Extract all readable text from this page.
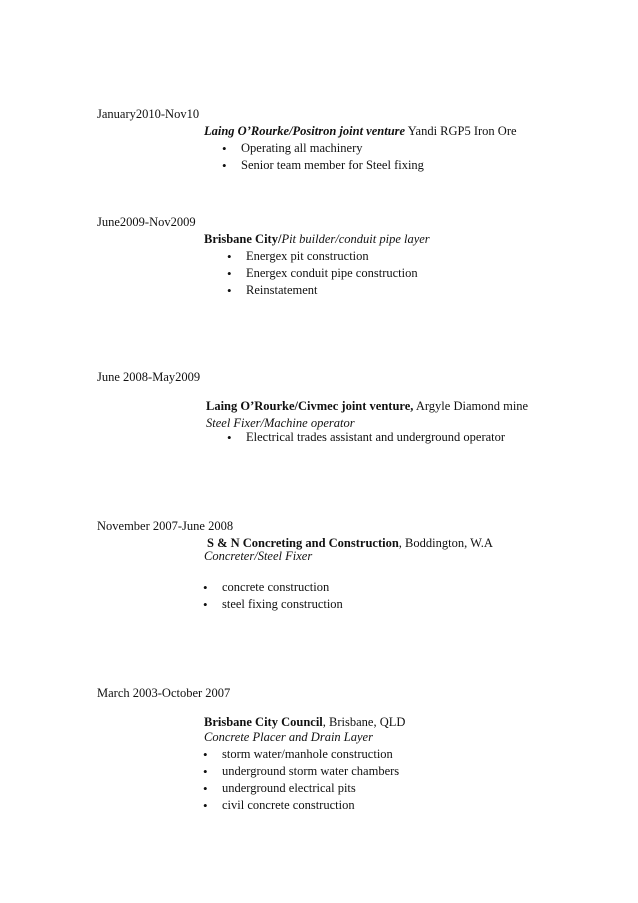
January2010-Nov10
Laing O’Rourke/Positron joint venture Yandi RGP5 Iron Ore
•
Operating all machinery
•
Senior team member for Steel fixing
June2009-Nov2009
Brisbane City/Pit builder/conduit pipe layer
•
Energex pit construction
•
Energex conduit pipe construction
•
Reinstatement
June 2008-May2009
Laing O’Rourke/Civmec joint venture, Argyle Diamond mine
Steel Fixer/Machine operator
•
Electrical trades assistant and underground operator
November 2007-June 2008
S & N Concreting and Construction, Boddington, W.A
Concreter/Steel Fixer
•
concrete construction
•
steel fixing construction
March 2003-October 2007
Brisbane City Council, Brisbane, QLD
Concrete Placer and Drain Layer
•
storm water/manhole construction
•
underground storm water chambers
•
underground electrical pits
•
civil concrete construction
